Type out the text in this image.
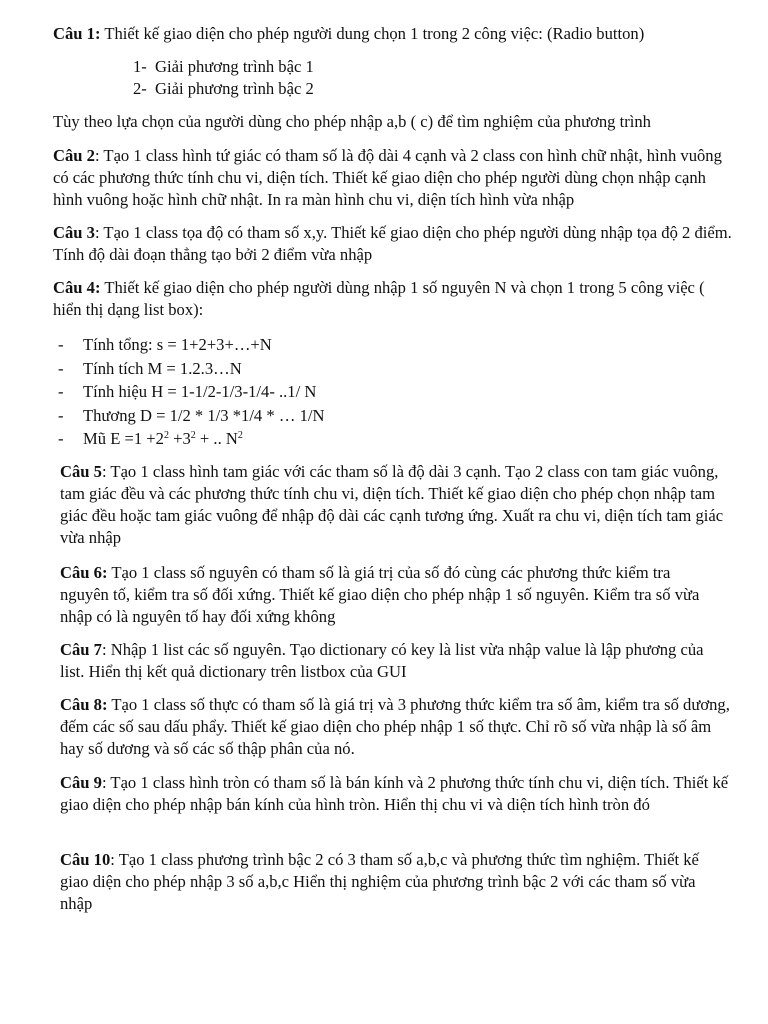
Câu 1: Thiết kế giao diện cho phép người dung chọn 1 trong 2 công việc: (Radio button)

1- Giải phương trình bậc 1
2- Giải phương trình bậc 2

Tùy theo lựa chọn của người dùng cho phép nhập a,b ( c) để tìm nghiệm của phương trình

Câu 2: Tạo 1 class hình tứ giác có tham số là độ dài 4 cạnh và 2 class con hình chữ nhật, hình vuông có các phương thức tính chu vi, diện tích. Thiết kế giao diện cho phép người dùng chọn nhập cạnh hình vuông hoặc hình chữ nhật. In ra màn hình chu vi, diện tích hình vừa nhập

Câu 3: Tạo 1 class tọa độ có tham số x,y. Thiết kế giao diện cho phép người dùng nhập tọa độ 2 điểm. Tính độ dài đoạn thẳng tạo bởi 2 điểm vừa nhập

Câu 4: Thiết kế giao diện cho phép người dùng nhập 1 số nguyên N và chọn 1 trong 5 công việc ( hiển thị dạng list box):

- Tính tổng: s = 1+2+3+…+N
- Tính tích M = 1.2.3…N
- Tính hiệu H = 1-1/2-1/3-1/4- ..1/ N
- Thương D = 1/2 * 1/3 *1/4 * … 1/N
- Mũ $E =1 +2^2 +3^2$ + .. $N^2$

Câu 5: Tạo 1 class hình tam giác với các tham số là độ dài 3 cạnh. Tạo 2 class con tam giác vuông, tam giác đều và các phương thức tính chu vi, diện tích. Thiết kế giao diện cho phép chọn nhập tam giác đều hoặc tam giác vuông để nhập độ dài các cạnh tương ứng. Xuất ra chu vi, diện tích tam giác vừa nhập

Câu 6: Tạo 1 class số nguyên có tham số là giá trị của số đó cùng các phương thức kiểm tra nguyên tố, kiểm tra số đối xứng. Thiết kế giao diện cho phép nhập 1 số nguyên. Kiểm tra số vừa nhập có là nguyên tố hay đối xứng không

Câu 7: Nhập 1 list các số nguyên. Tạo dictionary có key là list vừa nhập value là lập phương của list. Hiển thị kết quả dictionary trên listbox của GUI

Câu 8: Tạo 1 class số thực có tham số là giá trị và 3 phương thức kiểm tra số âm, kiểm tra số dương, đếm các số sau dấu phẩy. Thiết kế giao diện cho phép nhập 1 số thực. Chỉ rõ số vừa nhập là số âm hay số dương và số các số thập phân của nó.

Câu 9: Tạo 1 class hình tròn có tham số là bán kính và 2 phương thức tính chu vi, diện tích. Thiết kế giao diện cho phép nhập bán kính của hình tròn. Hiển thị chu vi và diện tích hình tròn đó

Câu 10: Tạo 1 class phương trình bậc 2 có 3 tham số a,b,c và phương thức tìm nghiệm. Thiết kế giao diện cho phép nhập 3 số a,b,c Hiển thị nghiệm của phương trình bậc 2 với các tham số vừa nhập
